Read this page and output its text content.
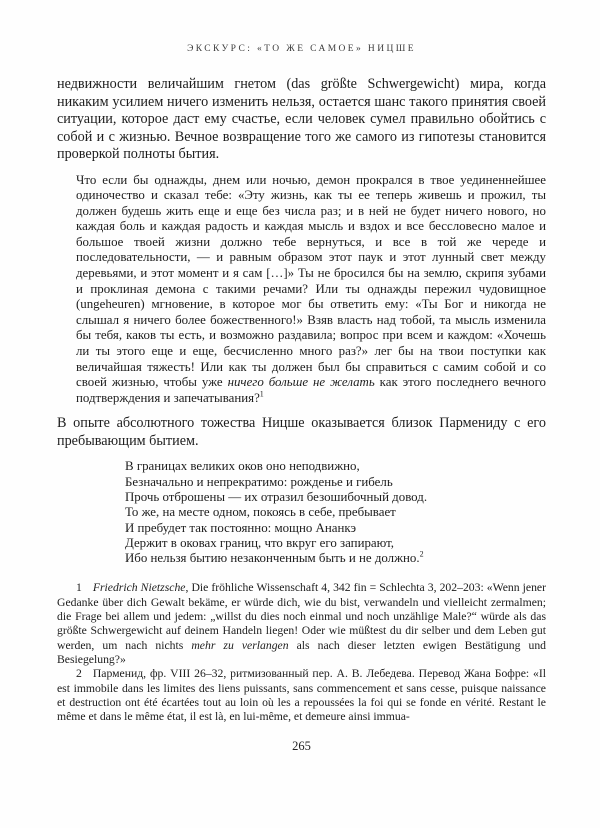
ЭКСКУРС: «ТО ЖЕ САМОЕ» НИЦШЕ

недвижности величайшим гнетом (das größte Schwergewicht) мира, когда никаким усилием ничего изменить нельзя, остается шанс такого принятия своей ситуации, которое даст ему счастье, если человек сумел правильно обойтись с собой и с жизнью. Вечное возвращение того же самого из гипотезы становится проверкой полноты бытия.

Что если бы однажды, днем или ночью, демон прокрался в твое уединеннейшее одиночество и сказал тебе: «Эту жизнь, как ты ее теперь живешь и прожил, ты должен будешь жить еще и еще без числа раз; и в ней не будет ничего нового, но каждая боль и каждая радость и каждая мысль и вздох и все бессловесно малое и большое твоей жизни должно тебе вернуться, и все в той же череде и последовательности, — и равным образом этот паук и этот лунный свет между деревьями, и этот момент и я сам […]» Ты не бросился бы на землю, скрипя зубами и проклиная демона с такими речами? Или ты однажды пережил чудовищное (ungeheuren) мгновение, в которое мог бы ответить ему: «Ты Бог и никогда не слышал я ничего более божественного!» Взяв власть над тобой, та мысль изменила бы тебя, каков ты есть, и возможно раздавила; вопрос при всем и каждом: «Хочешь ли ты этого еще и еще, бесчисленно много раз?» лег бы на твои поступки как величайшая тяжесть! Или как ты должен был бы справиться с самим собой и со своей жизнью, чтобы уже ничего больше не желать как этого последнего вечного подтверждения и запечатывания?$^1$

В опыте абсолютного тожества Ницше оказывается близок Пармениду с его пребывающим бытием.

В границах великих оков оно неподвижно,
Безначально и непрекратимо: рожденье и гибель
Прочь отброшены — их отразил безошибочный довод.
То же, на месте одном, покоясь в себе, пребывает
И пребудет так постоянно: мощно Ананкэ
Держит в оковах границ, что вкруг его запирают,
Ибо нельзя бытию незаконченным быть и не должно.$^2$

1 Friedrich Nietzsche, Die fröhliche Wissenschaft 4, 342 fin = Schlechta 3, 202–203: «Wenn jener Gedanke über dich Gewalt bekäme, er würde dich, wie du bist, verwandeln und vielleicht zermalmen; die Frage bei allem und jedem: „willst du dies noch einmal und noch unzählige Male?“ würde als das größte Schwergewicht auf deinem Handeln liegen! Oder wie müßtest du dir selber und dem Leben gut werden, um nach nichts mehr zu verlangen als nach dieser letzten ewigen Bestätigung und Besiegelung?»

2 Парменид, фр. VIII 26–32, ритмизованный пер. А. В. Лебедева. Перевод Жана Бофре: «Il est immobile dans les limites des liens puissants, sans commencement et sans cesse, puisque naissance et destruction ont été écartées tout au loin où les a repoussées la foi qui se fonde en vérité. Restant le même et dans le même état, il est là, en lui-même, et demeure ainsi immua-

265
